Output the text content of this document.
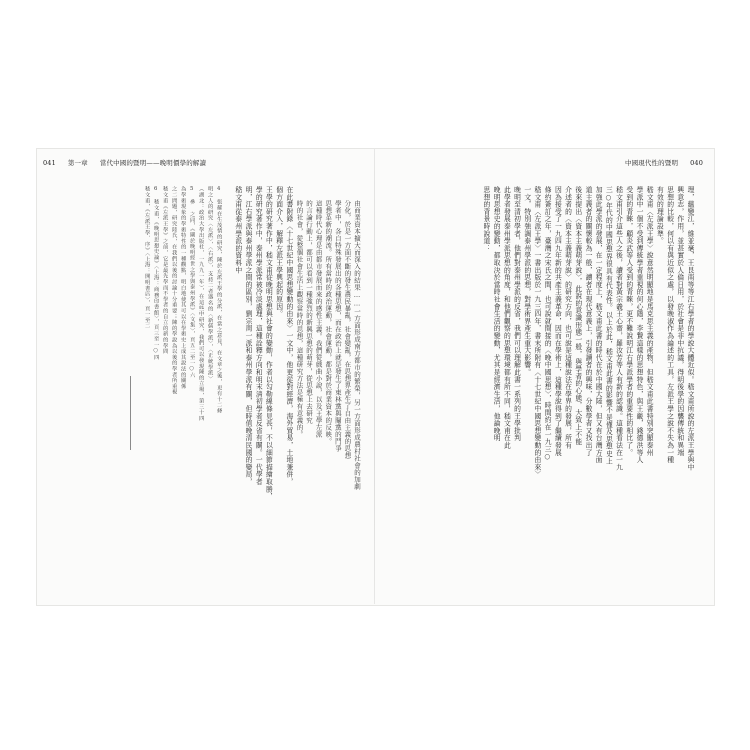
041 第一章 當代中國的暨明——晚明價學的解讀
由商業資本擴大而深入的結果……一方面形成南方都市的繁榮，另一方面形成農村社會的加劇
分化，於是一方面不斷的發生農民暴亂，社會變亂，在思想界產生了自由主義的思想
學者中，各自特殊發展出的各種思想，而在政治上就是發生了東林黨與閹黨的鬥爭
思想革新的潮流。所有當時的政治運動，社會運動，都是對於商業資本的反映。
這種時代心理是由都市發展而來的感性主義。我們從戲曲小說，以及王學左派
的言論行動上，都可以看到一種強烈的新興思想的萌芽，從思想上去研究
時的社會，從整個社會生活上觀察當時的思想，這種研究方法是極有意義的。
在此書附錄〈十七世紀中國思想變動的由來〉一文中，他更從對經濟，海外貿易，土地兼併，
個方面介入，解釋左派王學興起的原因。
王學的研究著作中，嵇文甫從晚明思想與社會的變動，作者以勾勒線條見長，不以細節描繪取勝，
學的研究著作中，泰州學派常被冷淡處理，這種詮釋方向和明末清初學者反省有關。一代學者
明，江右學派與泰州學派之間的區別，劉宗周一派和泰州學派有關，但時值晚清民國的變局，
嵇文甫從泰州學派的資料中
4 張耀在生茂情的研究，陳於左派王學的分派，在當之意見，在文章之後，更有十二條
明之人的研究〈左派〉，〈右派〉，支持二者器名的〈新儒學派〉，〈正統學派〉
（湖北：政治大學出版社，一九九一年），在這些中研究，我們可以發現陳的立場，第三十四
5 參 之同，《關於晚明經世之學與泰州學派》〈文集〉，頁五二至一○六
為學術現象的學術特性的一種觀點，明白地使其可以在學術史上成其說法的關係
之二問題，研究陸氏，在我們以後的討論十分重要；陳的學說為以後的學者所重視
嵇文甫《左派王學》之前，它是最先學而不學者的自立的新的學問
6 嵇文甫，《晚明思想史論》〈上海：商務印書館〉，頁三至一○四
嵇文甫，《左派王學．序》〈上海：開明書店〉，頁一至二
中國現代性的暨明 040
理，蘊變江，維並毫，王艮南等等江右學者的學說大體近似。嵇文甫所說的左派王學與中
興意志，作用，並甚實於人倫日用，於社會是非中抗議，得明後學的因襲傳統和異端
思想的比較，何以有與近似之處，以發晚淑作為論述的工具，左派王學之說不失為一種
有效的理論設準。
嵇文甫〈左派王學〉說意然明顯地是馬克思主義的產物，但嵇文甫此書特別突顯泰州
學派中一個不受到傳統學者重視的何心隱，李贄這樣的思想特色，與王畿，錢德洪等人
受到的青睞，顧炎武等人受到的青睞，更不難說明江右學派學者的重要性的相比了。
嵇文甫引介這些人之後，讀者對黃宗羲王心齋，羅汝芳等人有新的認識。這種看法在一九
三○年代的中國思想界很具有代表性。以上於此，嵇文甫此書的影響不是僅及思想史上
加強此學派的發展，在一定程度上，嵇文甫此書的時代在於中國大陸，但又有台灣方面
道主義者的關懷較為一般，讀者在現代意義上，引發讀者的興味，分數學者又找出了
後來提出〈資本主義萌芽說〉，此說的意識形態一般，與學者的心態，大致上不能
介述者的〈資本主義萌芽說〉的研究方向，也可說是這種說法在學界的發展，所有
因為接受了一九四九年新的共產主義革命，因而在學術上，這種學說得到了繼續發展
條約簽訂之年，臺灣之宋氏之間，也可說就間接的〈晚中國思想〉，時間約在一九三○
嵇文甫〈左派王學〉一書出版於一九三四年，書末所附有〈十七世紀中國思想變動的由來〉
一文，特別強調泰州學派的思想，對學術界產生重大影響。
晚明至清初學者，他們對泰州學派的反省，我們可以理解此書一系列的王學批判
此學者發展泰州學派思想的角度，和他們觀察的思想環境都有所不同，嵇文甫在此
晚明思想史的變動，都取決於當時社會生活的變動，尤其是經濟生活，他論晚明
思想的背景時說道：
